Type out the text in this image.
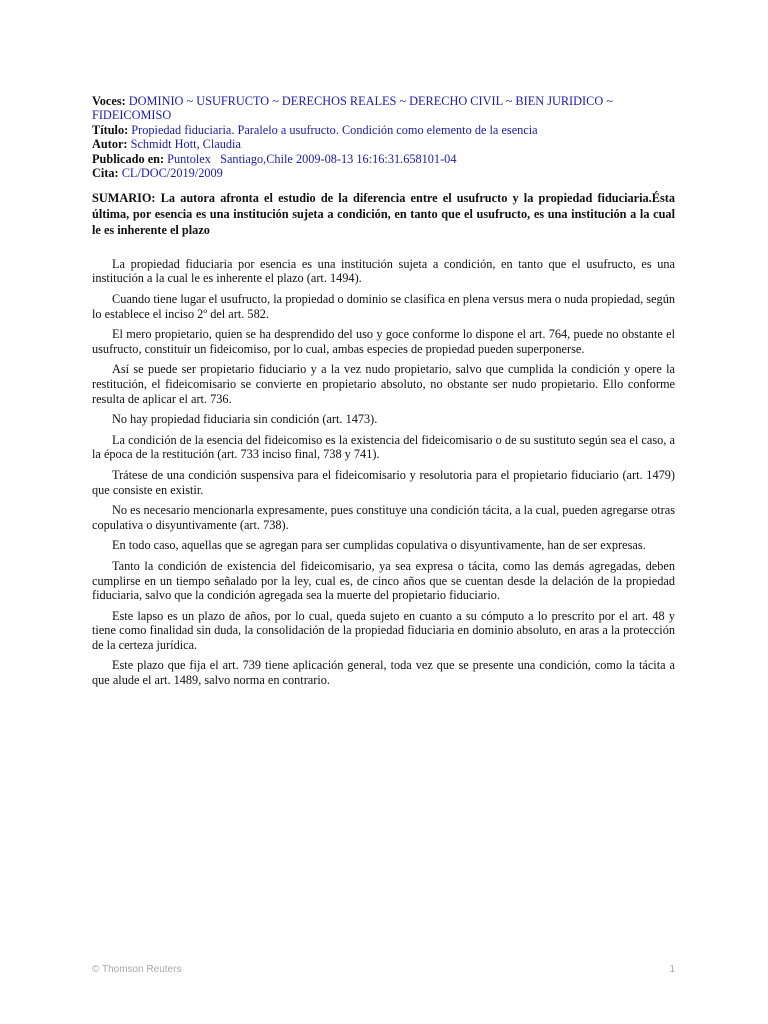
Voces: DOMINIO ~ USUFRUCTO ~ DERECHOS REALES ~ DERECHO CIVIL ~ BIEN JURIDICO ~ FIDEICOMISO
Título: Propiedad fiduciaria. Paralelo a usufructo. Condición como elemento de la esencia
Autor: Schmidt Hott, Claudia
Publicado en: Puntolex   Santiago,Chile 2009-08-13 16:16:31.658101-04
Cita: CL/DOC/2019/2009
SUMARIO: La autora afronta el estudio de la diferencia entre el usufructo y la propiedad fiduciaria.Ésta última, por esencia es una institución sujeta a condición, en tanto que el usufructo, es una institución a la cual le es inherente el plazo

La propiedad fiduciaria por esencia es una institución sujeta a condición, en tanto que el usufructo, es una institución a la cual le es inherente el plazo (art. 1494).

Cuando tiene lugar el usufructo, la propiedad o dominio se clasifica en plena versus mera o nuda propiedad, según lo establece el inciso 2º del art. 582.

El mero propietario, quien se ha desprendido del uso y goce conforme lo dispone el art. 764, puede no obstante el usufructo, constituir un fideicomiso, por lo cual, ambas especies de propiedad pueden superponerse.

Así se puede ser propietario fiduciario y a la vez nudo propietario, salvo que cumplida la condición y opere la restitución, el fideicomisario se convierte en propietario absoluto, no obstante ser nudo propietario. Ello conforme resulta de aplicar el art. 736.

No hay propiedad fiduciaria sin condición (art. 1473).

La condición de la esencia del fideicomiso es la existencia del fideicomisario o de su sustituto según sea el caso, a la época de la restitución (art. 733 inciso final, 738 y 741).

Trátese de una condición suspensiva para el fideicomisario y resolutoria para el propietario fiduciario (art. 1479) que consiste en existir.

No es necesario mencionarla expresamente, pues constituye una condición tácita, a la cual, pueden agregarse otras copulativa o disyuntivamente (art. 738).

En todo caso, aquellas que se agregan para ser cumplidas copulativa o disyuntivamente, han de ser expresas.

Tanto la condición de existencia del fideicomisario, ya sea expresa o tácita, como las demás agregadas, deben cumplirse en un tiempo señalado por la ley, cual es, de cinco años que se cuentan desde la delación de la propiedad fiduciaria, salvo que la condición agregada sea la muerte del propietario fiduciario.

Este lapso es un plazo de años, por lo cual, queda sujeto en cuanto a su cómputo a lo prescrito por el art. 48 y tiene como finalidad sin duda, la consolidación de la propiedad fiduciaria en dominio absoluto, en aras a la protección de la certeza jurídica.

Este plazo que fija el art. 739 tiene aplicación general, toda vez que se presente una condición, como la tácita a que alude el art. 1489, salvo norma en contrario.

© Thomson Reuters	1
